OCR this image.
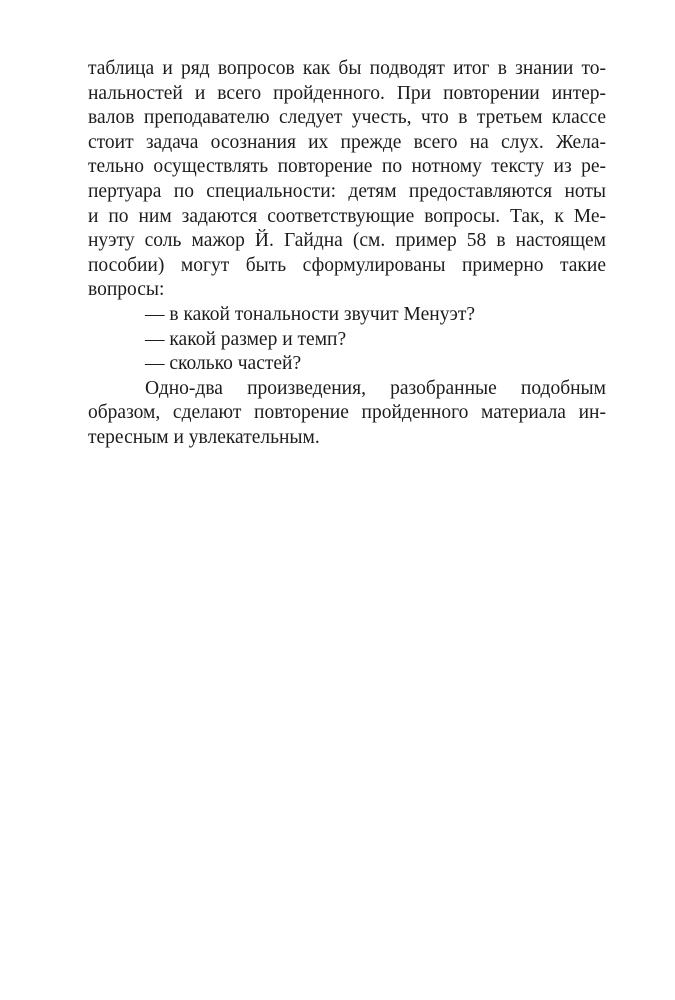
таблица и ряд вопросов как бы подводят итог в знании то-
нальностей и всего пройденного. При повторении интер-
валов преподавателю следует учесть, что в третьем классе
стоит задача осознания их прежде всего на слух. Жела-
тельно осуществлять повторение по нотному тексту из ре-
пертуара по специальности: детям предоставляются ноты
и по ним задаются соответствующие вопросы. Так, к Ме-
нуэту соль мажор Й. Гайдна (см. пример 58 в настоящем
пособии) могут быть сформулированы примерно такие
вопросы:
— в какой тональности звучит Менуэт?
— какой размер и темп?
— сколько частей?
Одно-два произведения, разобранные подобным
образом, сделают повторение пройденного материала ин-
тересным и увлекательным.
